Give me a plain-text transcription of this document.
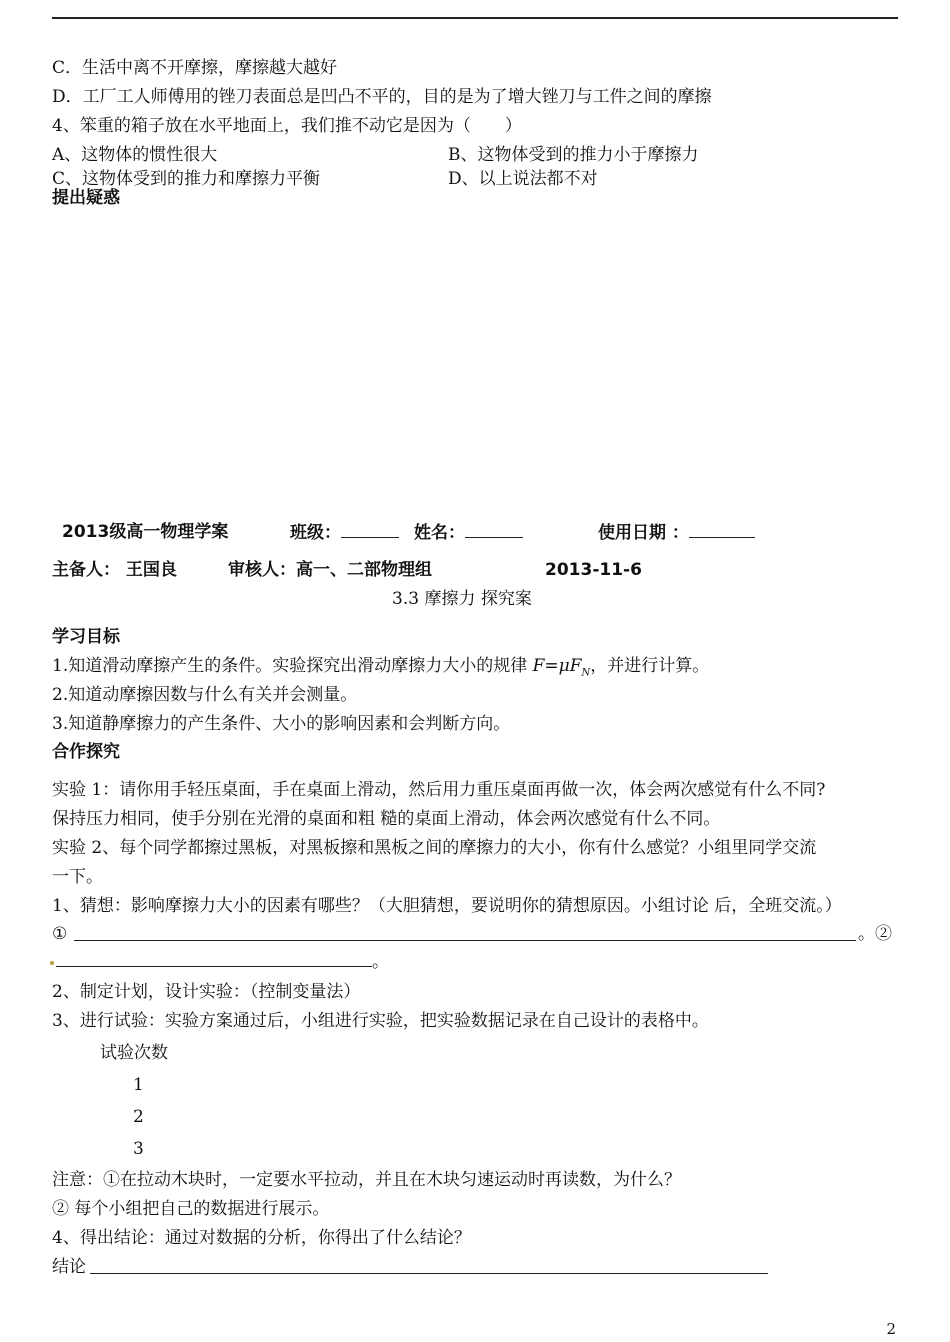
C．生活中离不开摩擦，摩擦越大越好
D．工厂工人师傅用的锉刀表面总是凹凸不平的，目的是为了增大锉刀与工件之间的摩擦
4、笨重的箱子放在水平地面上，我们推不动它是因为（　　）
A、这物体的惯性很大	B、这物体受到的推力小于摩擦力
C、这物体受到的推力和摩擦力平衡	D、以上说法都不对
提出疑惑
2013级高一物理学案	班级：	姓名：	使用日期 ：
主备人： 王国良	审核人：高一、二部物理组	2013-11-6
3.3 摩擦力 探究案
学习目标
1.知道滑动摩擦产生的条件。实验探究出滑动摩擦力大小的规律 $F=\mu F_N$，并进行计算。
2.知道动摩擦因数与什么有关并会测量。
3.知道静摩擦力的产生条件、大小的影响因素和会判断方向。
合作探究
实验 1：请你用手轻压桌面，手在桌面上滑动，然后用力重压桌面再做一次，体会两次感觉有什么不同?
保持压力相同，使手分别在光滑的桌面和粗 糙的桌面上滑动，体会两次感觉有什么不同。
实验 2、每个同学都擦过黑板，对黑板擦和黑板之间的摩擦力的大小，你有什么感觉？小组里同学交流
一下。
1、猜想：影响摩擦力大小的因素有哪些？（大胆猜想，要说明你的猜想原因。小组讨论 后，全班交流。）
①	。②
。
2、制定计划，设计实验：（控制变量法）
3、进行试验：实验方案通过后，小组进行实验，把实验数据记录在自己设计的表格中。
试验次数
1
2
3
注意：①在拉动木块时，一定要水平拉动，并且在木块匀速运动时再读数，为什么？
② 每个小组把自己的数据进行展示。
4、得出结论：通过对数据的分析，你得出了什么结论？
结论
2
